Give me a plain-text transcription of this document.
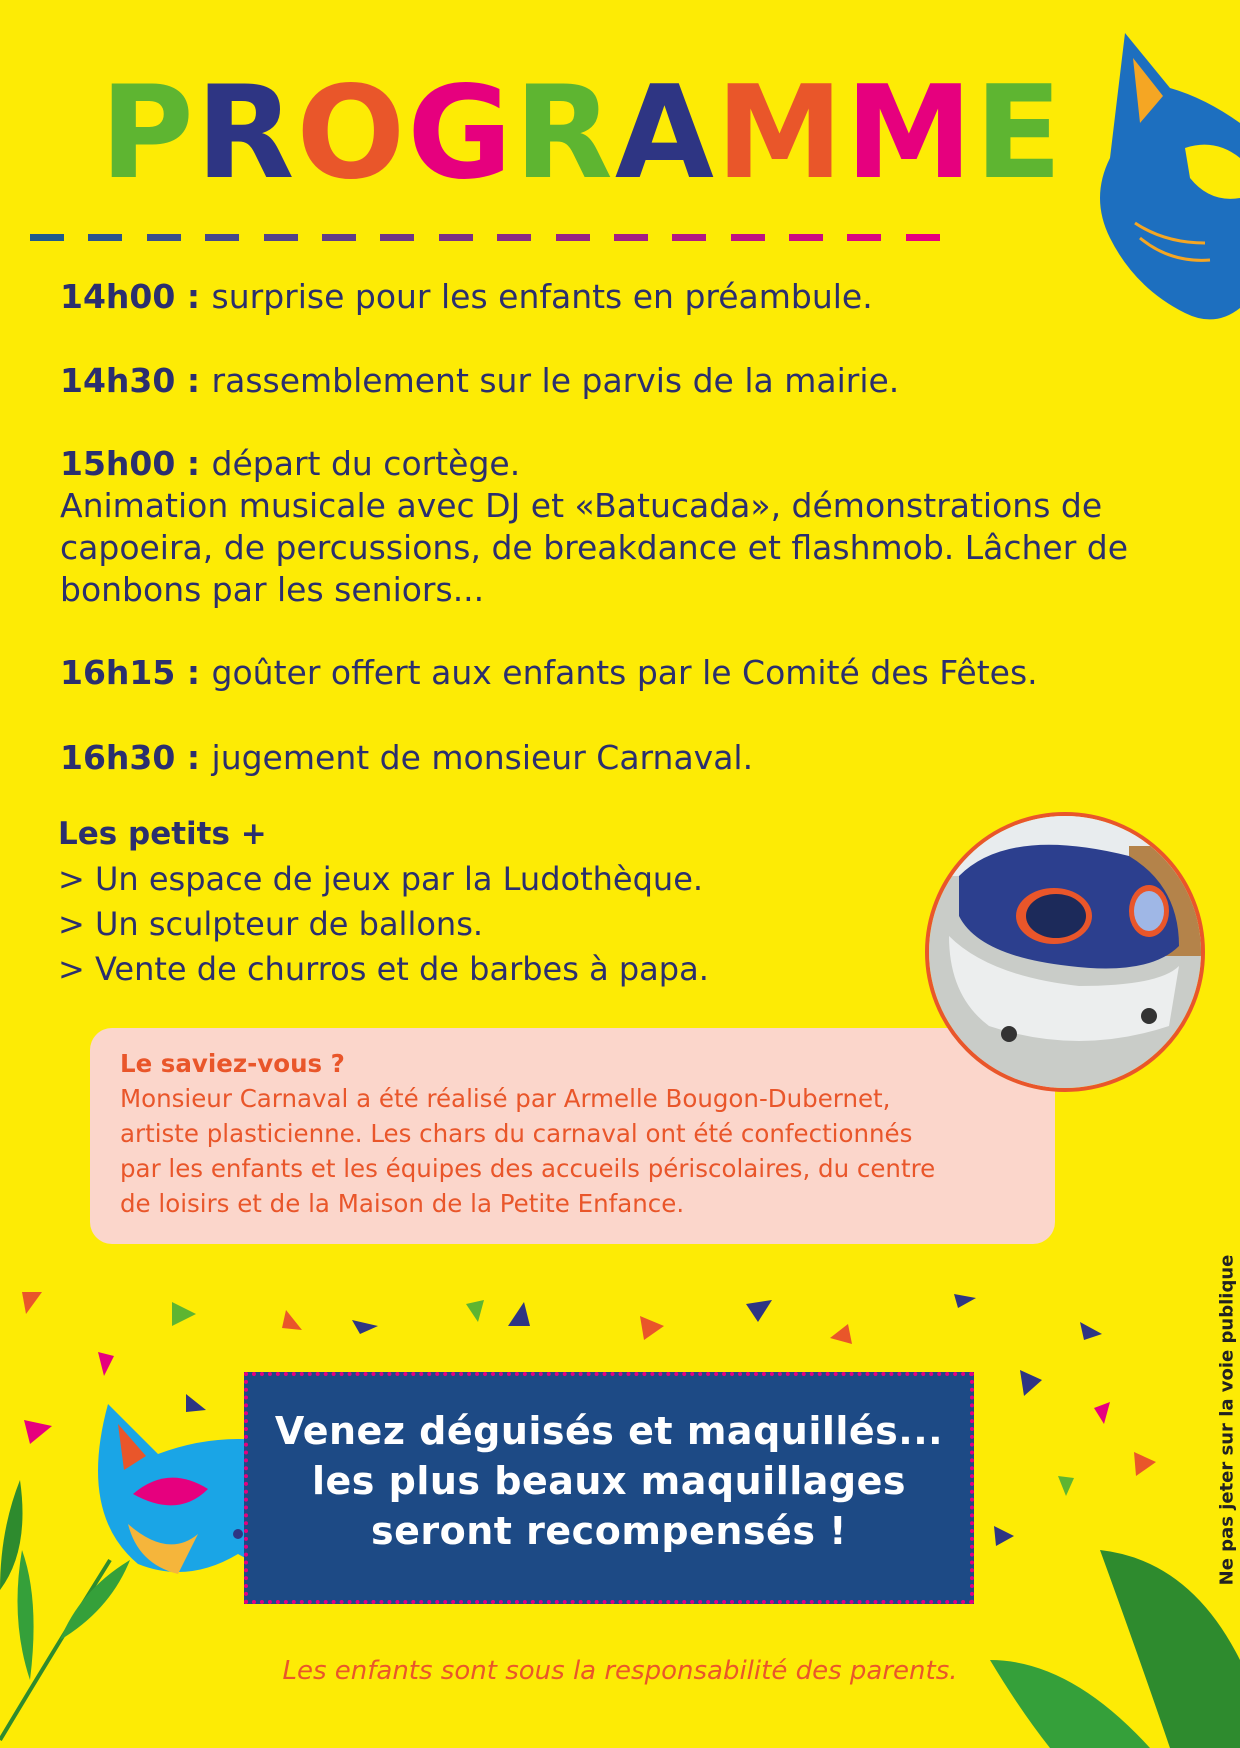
PROGRAMME
14h00 : surprise pour les enfants en préambule.
14h30 : rassemblement sur le parvis de la mairie.
15h00 : départ du cortège.
Animation musicale avec DJ et «Batucada», démonstrations de
capoeira, de percussions, de breakdance et flashmob. Lâcher de
bonbons par les seniors...
16h15 : goûter offert aux enfants par le Comité des Fêtes.
16h30 : jugement de monsieur Carnaval.
Les petits +
> Un espace de jeux par la Ludothèque.
> Un sculpteur de ballons.
> Vente de churros et de barbes à papa.
Le saviez-vous ?
Monsieur Carnaval a été réalisé par Armelle Bougon-Dubernet,
artiste plasticienne. Les chars du carnaval ont été confectionnés
par les enfants et les équipes des accueils périscolaires, du centre
de loisirs et de la Maison de la Petite Enfance.
Venez déguisés et maquillés...
les plus beaux maquillages
seront recompensés !
Les enfants sont sous la responsabilité des parents.
Ne pas jeter sur la voie publique
